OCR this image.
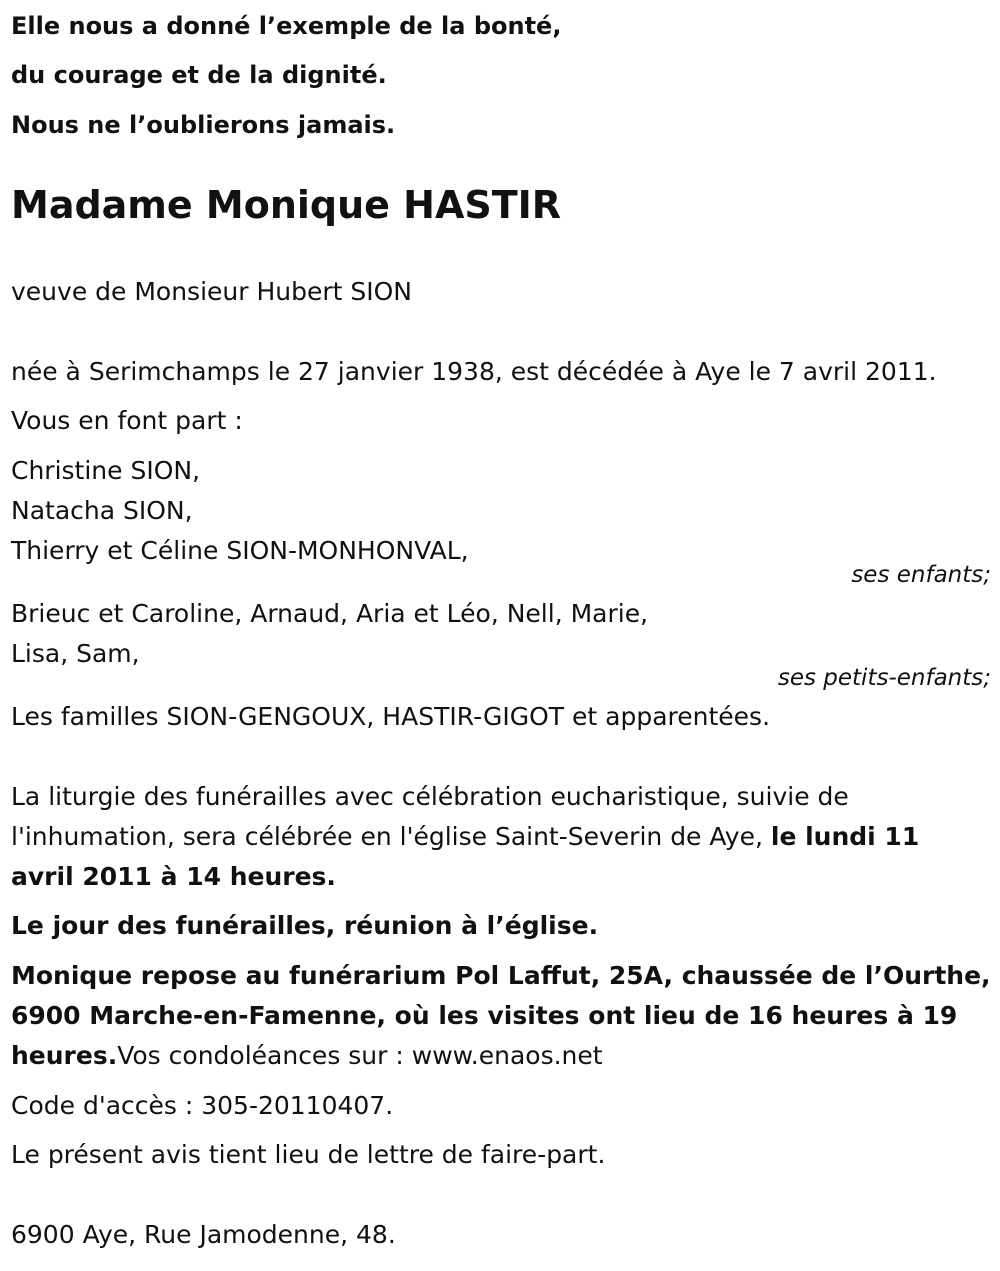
Elle nous a donné l’exemple de la bonté,
du courage et de la dignité.
Nous ne l’oublierons jamais.
Madame Monique HASTIR
veuve de Monsieur Hubert SION
née à Serimchamps le 27 janvier 1938, est décédée à Aye le 7 avril 2011.
Vous en font part :
Christine SION,
Natacha SION,
Thierry et Céline SION-MONHONVAL,
ses enfants;
Brieuc et Caroline, Arnaud, Aria et Léo, Nell, Marie,
Lisa, Sam,
ses petits-enfants;
Les familles SION-GENGOUX, HASTIR-GIGOT et apparentées.
La liturgie des funérailles avec célébration eucharistique, suivie de
l'inhumation, sera célébrée en l'église Saint-Severin de Aye, le lundi 11
avril 2011 à 14 heures.
Le jour des funérailles, réunion à l’église.
Monique repose au funérarium Pol Laffut, 25A, chaussée de l’Ourthe,
6900 Marche-en-Famenne, où les visites ont lieu de 16 heures à 19
heures.Vos condoléances sur : www.enaos.net
Code d'accès : 305-20110407.
Le présent avis tient lieu de lettre de faire-part.
6900 Aye, Rue Jamodenne, 48.
